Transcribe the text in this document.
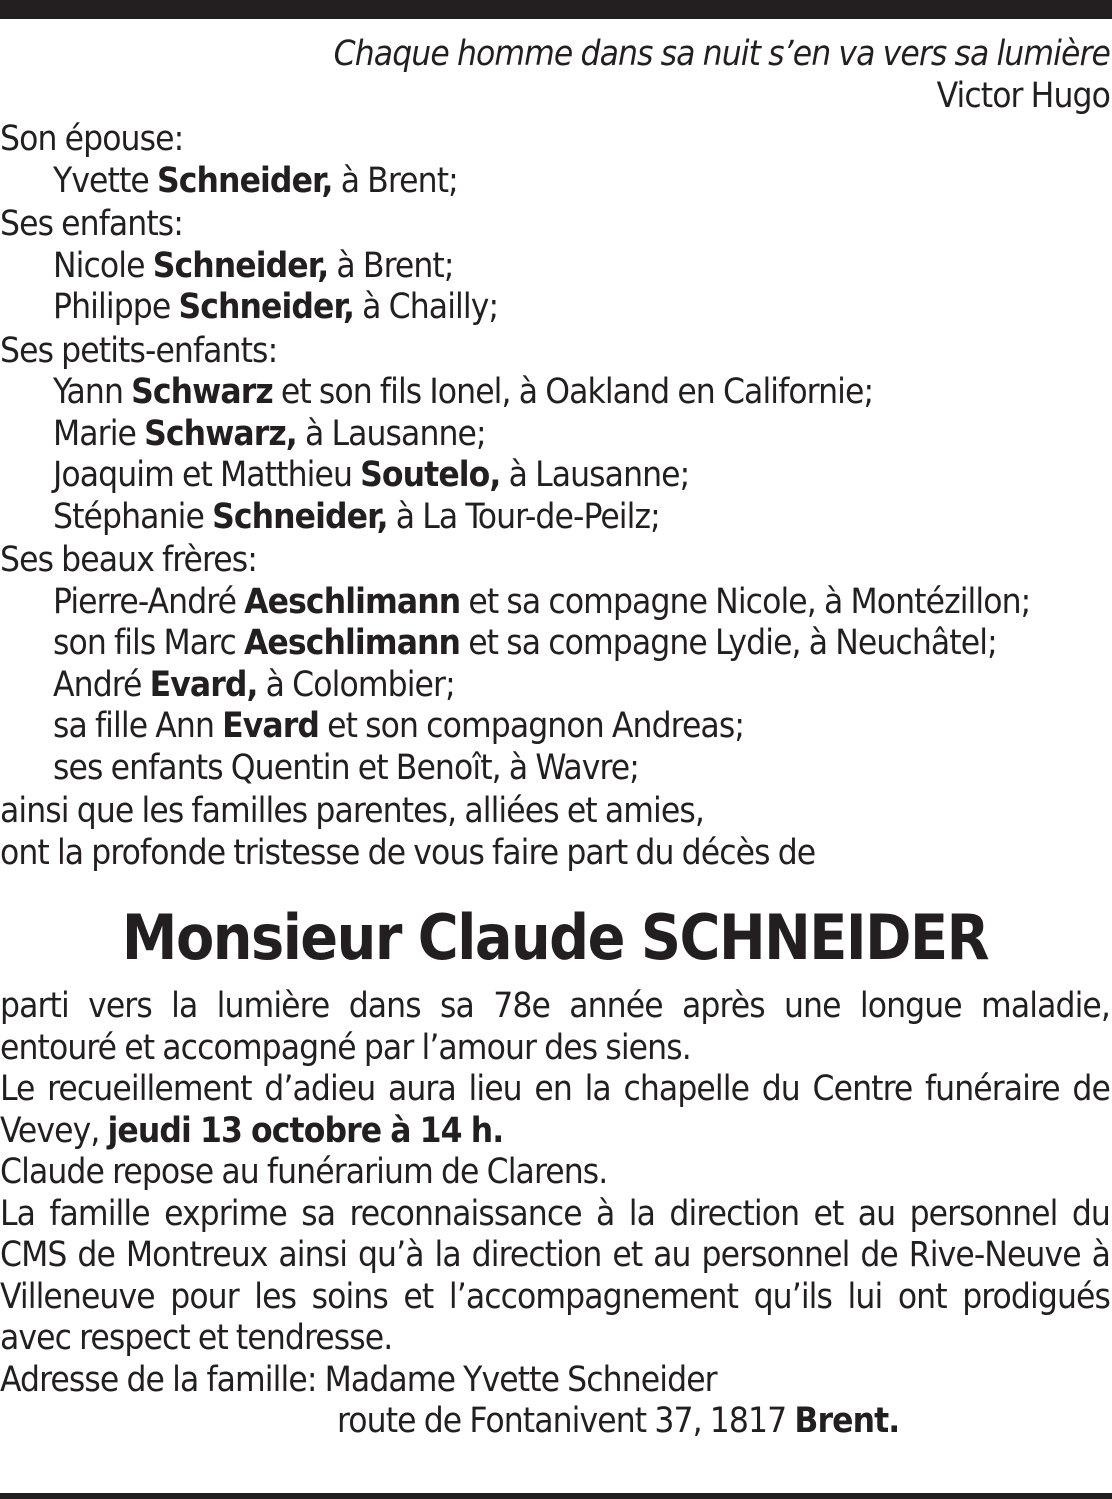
Chaque homme dans sa nuit s’en va vers sa lumière
Victor Hugo
Son épouse:
Yvette Schneider, à Brent;
Ses enfants:
Nicole Schneider, à Brent;
Philippe Schneider, à Chailly;
Ses petits-enfants:
Yann Schwarz et son fils Ionel, à Oakland en Californie;
Marie Schwarz, à Lausanne;
Joaquim et Matthieu Soutelo, à Lausanne;
Stéphanie Schneider, à La Tour-de-Peilz;
Ses beaux frères:
Pierre-André Aeschlimann et sa compagne Nicole, à Montézillon;
son fils Marc Aeschlimann et sa compagne Lydie, à Neuchâtel;
André Evard, à Colombier;
sa fille Ann Evard et son compagnon Andreas;
ses enfants Quentin et Benoît, à Wavre;
ainsi que les familles parentes, alliées et amies,
ont la profonde tristesse de vous faire part du décès de
Monsieur Claude SCHNEIDER

parti vers la lumière dans sa 78e année après une longue maladie, entouré et accompagné par l’amour des siens.

Le recueillement d’adieu aura lieu en la chapelle du Centre funéraire de Vevey, jeudi 13 octobre à 14 h.

Claude repose au funérarium de Clarens.

La famille exprime sa reconnaissance à la direction et au personnel du CMS de Montreux ainsi qu’à la direction et au personnel de Rive-Neuve à Villeneuve pour les soins et l’accompagnement qu’ils lui ont prodigués avec respect et tendresse.

Adresse de la famille: Madame Yvette Schneider
route de Fontanivent 37, 1817 Brent.
